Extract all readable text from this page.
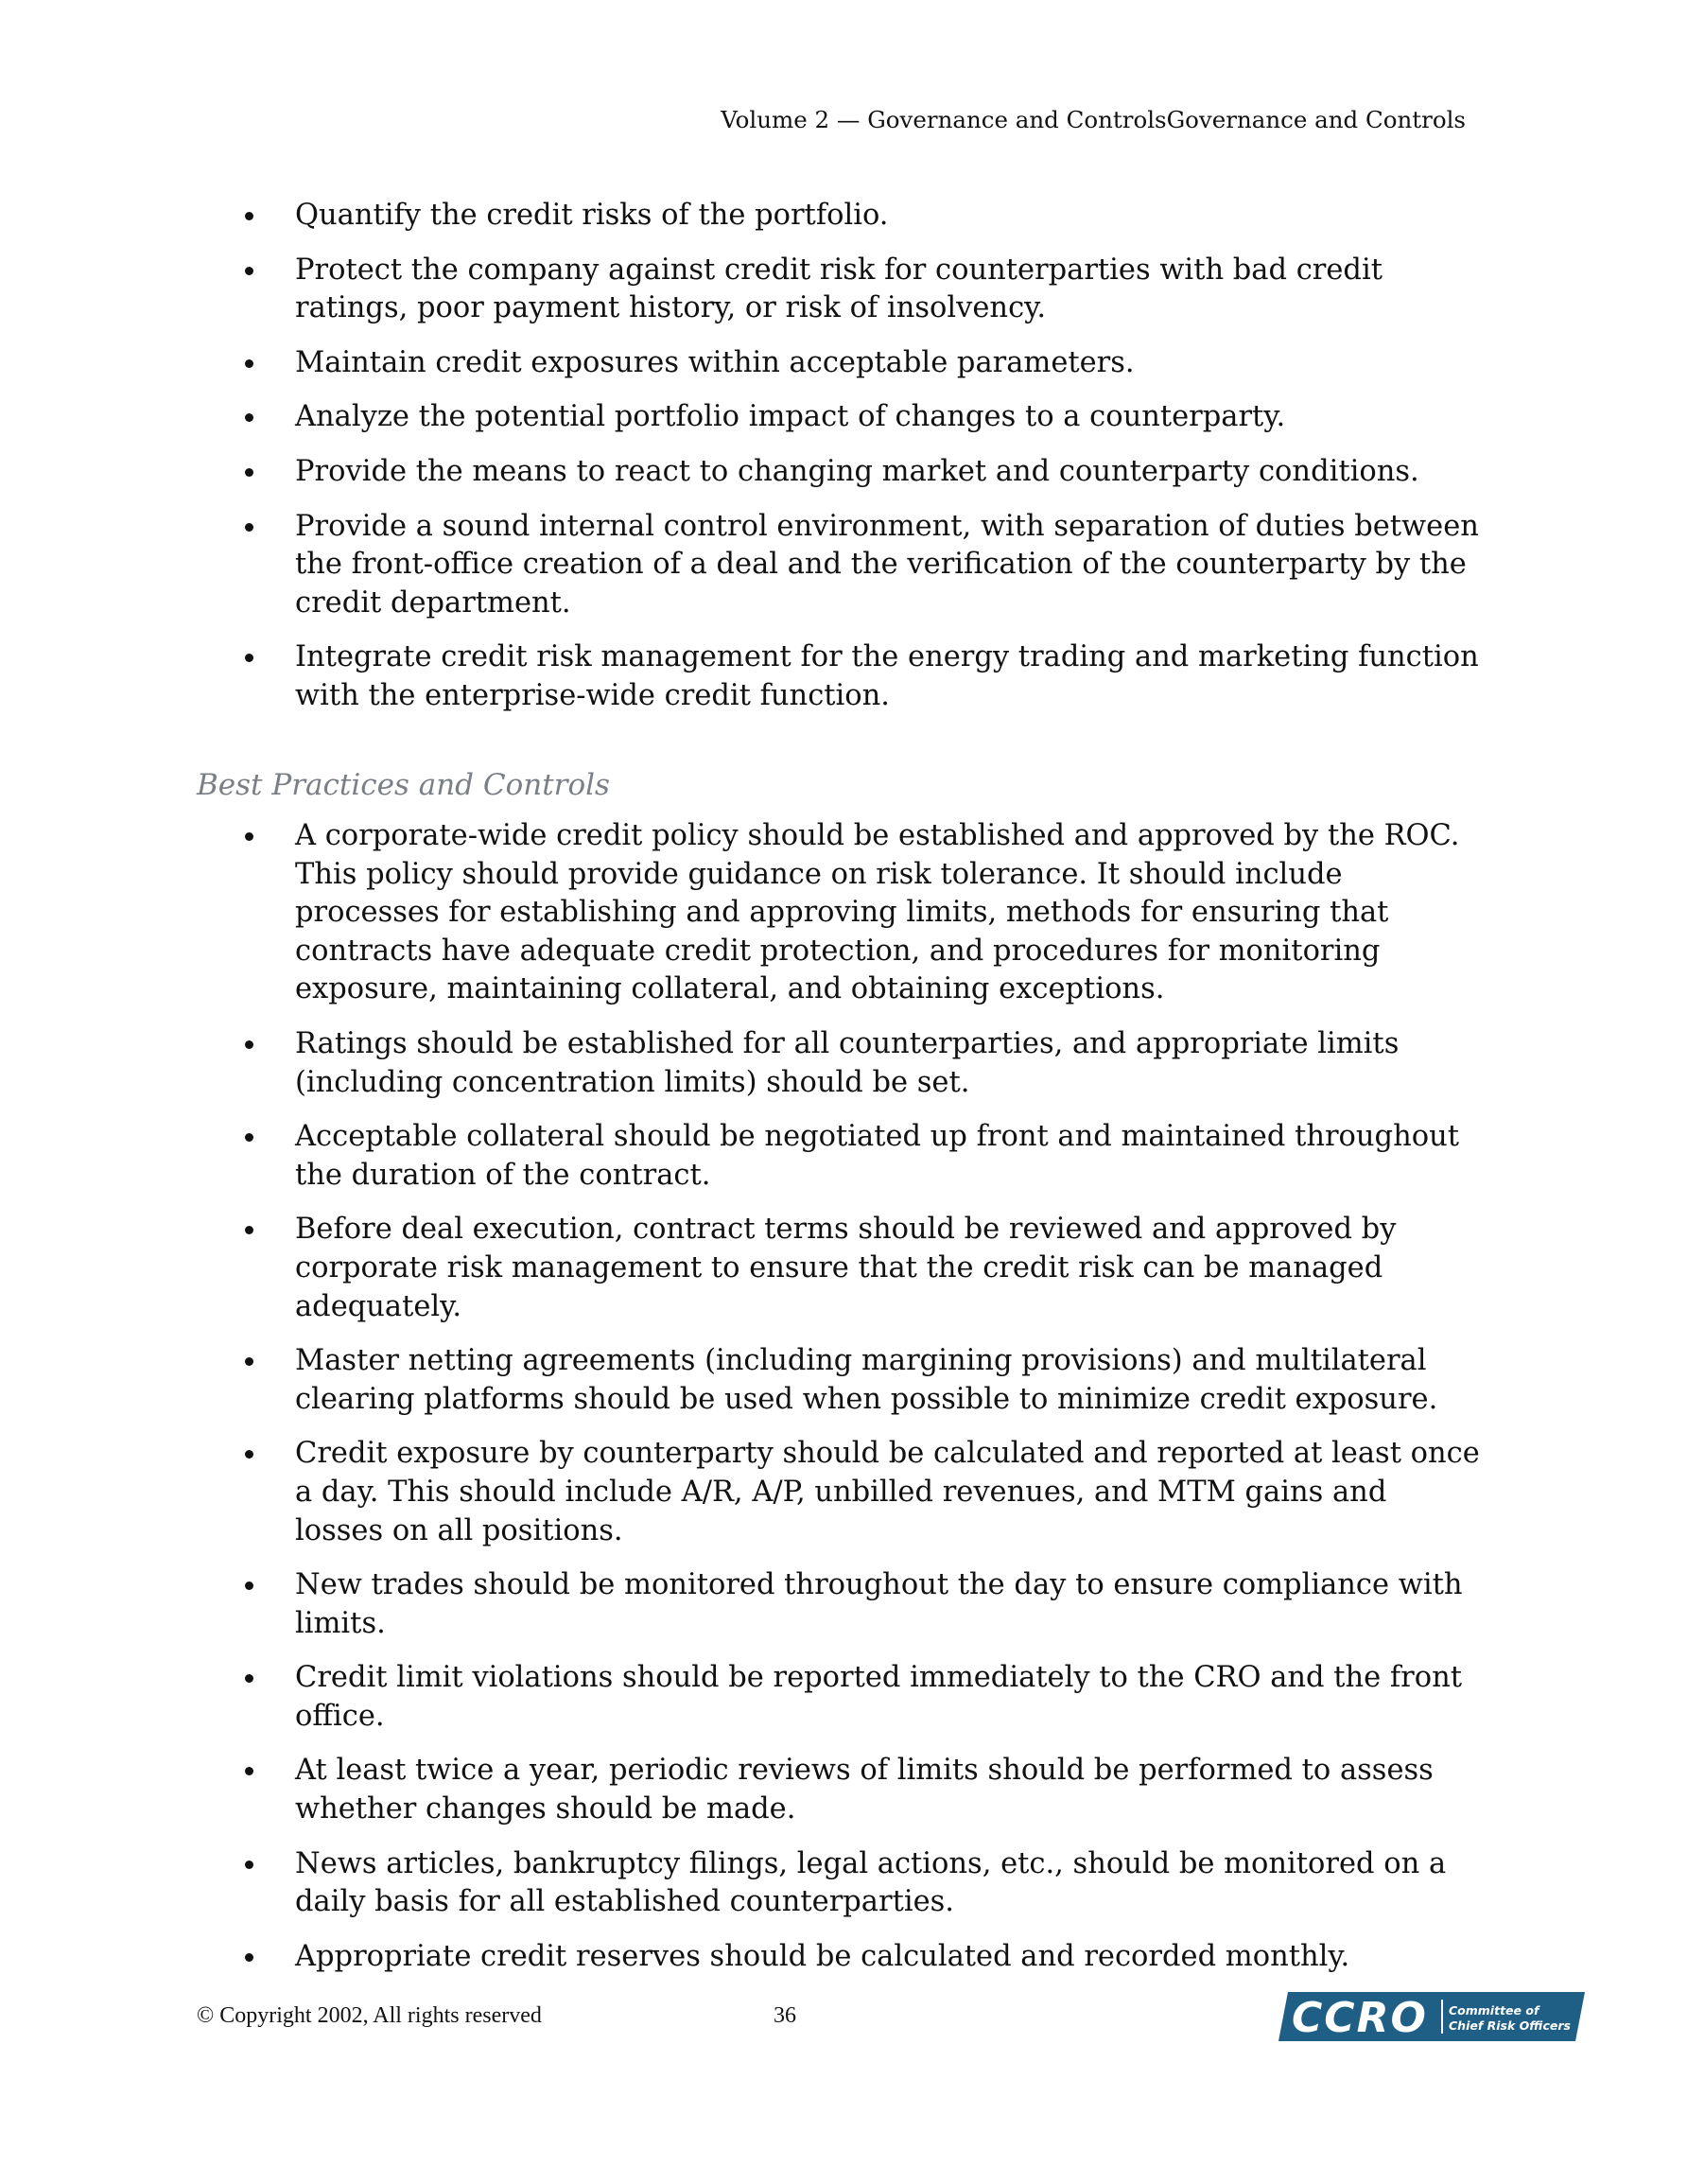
Volume 2 — Governance and ControlsGovernance and Controls
Quantify the credit risks of the portfolio.
Protect the company against credit risk for counterparties with bad credit ratings, poor payment history, or risk of insolvency.
Maintain credit exposures within acceptable parameters.
Analyze the potential portfolio impact of changes to a counterparty.
Provide the means to react to changing market and counterparty conditions.
Provide a sound internal control environment, with separation of duties between the front-office creation of a deal and the verification of the counterparty by the credit department.
Integrate credit risk management for the energy trading and marketing function with the enterprise-wide credit function.
Best Practices and Controls
A corporate-wide credit policy should be established and approved by the ROC. This policy should provide guidance on risk tolerance. It should include processes for establishing and approving limits, methods for ensuring that contracts have adequate credit protection, and procedures for monitoring exposure, maintaining collateral, and obtaining exceptions.
Ratings should be established for all counterparties, and appropriate limits (including concentration limits) should be set.
Acceptable collateral should be negotiated up front and maintained throughout the duration of the contract.
Before deal execution, contract terms should be reviewed and approved by corporate risk management to ensure that the credit risk can be managed adequately.
Master netting agreements (including margining provisions) and multilateral clearing platforms should be used when possible to minimize credit exposure.
Credit exposure by counterparty should be calculated and reported at least once a day. This should include A/R, A/P, unbilled revenues, and MTM gains and losses on all positions.
New trades should be monitored throughout the day to ensure compliance with limits.
Credit limit violations should be reported immediately to the CRO and the front office.
At least twice a year, periodic reviews of limits should be performed to assess whether changes should be made.
News articles, bankruptcy filings, legal actions, etc., should be monitored on a daily basis for all established counterparties.
Appropriate credit reserves should be calculated and recorded monthly.
© Copyright 2002, All rights reserved	36	CCRO Committee of
Chief Risk Officers
